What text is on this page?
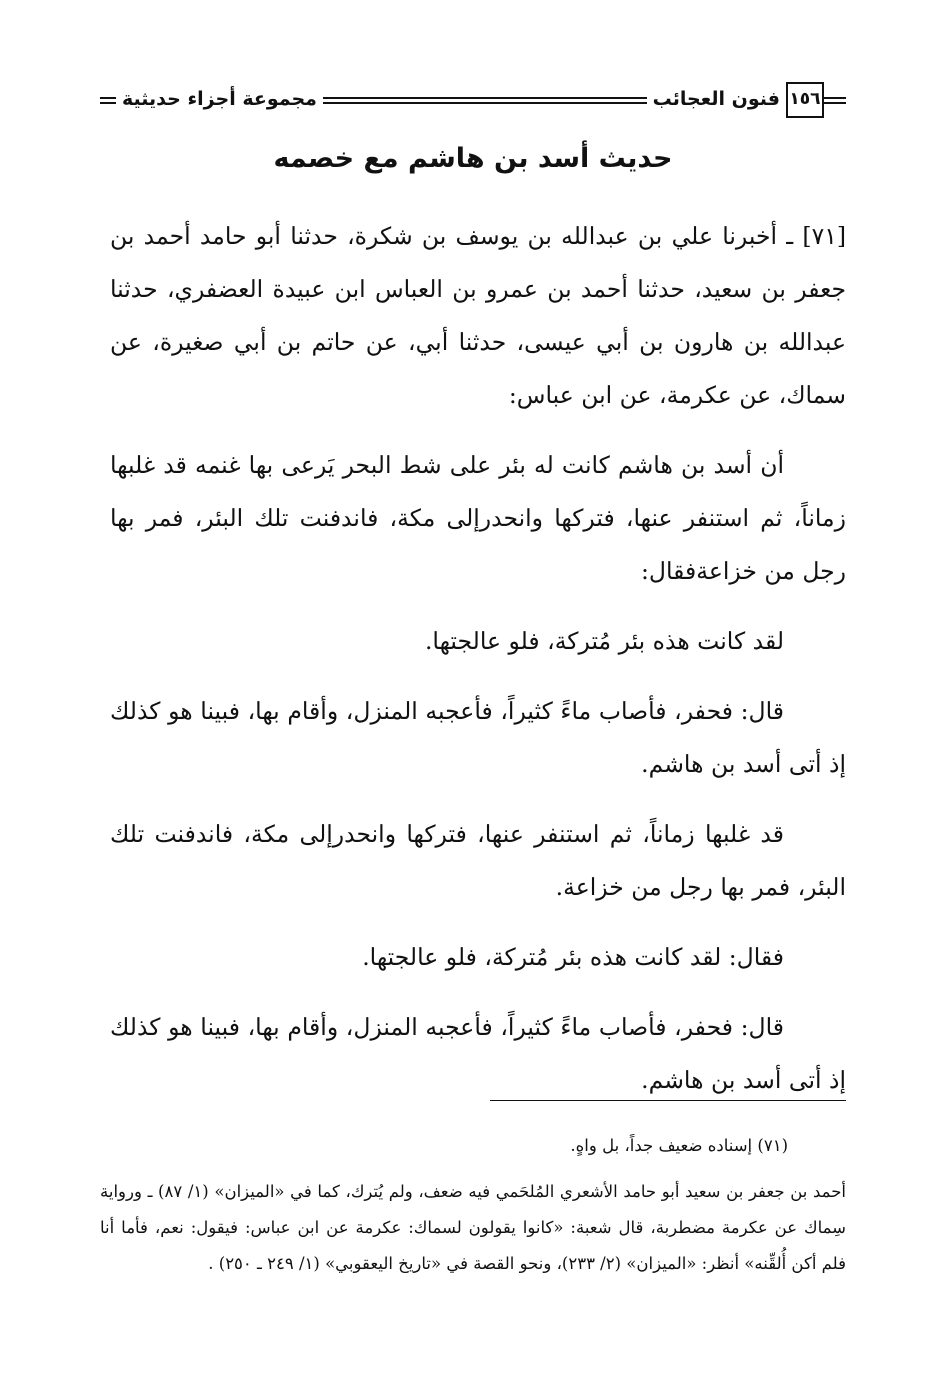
مجموعة أجزاء حديثية	فنون العجائب ١٥٦
حديث أسد بن هاشم مع خصمه

[٧١] ـ أخبرنا علي بن عبدالله بن يوسف بن شكرة، حدثنا أبو حامد أحمد بن جعفر بن سعيد، حدثنا أحمد بن عمرو بن العباس ابن عبيدة العضفري، حدثنا عبدالله بن هارون بن أبي عيسى، حدثنا أبي، عن حاتم بن أبي صغيرة، عن سماك، عن عكرمة، عن ابن عباس:

أن أسد بن هاشم كانت له بئر على شط البحر يَرعى بها غنمه قد غلبها زماناً، ثم استنفر عنها، فتركها وانحدرإلى مكة، فاندفنت تلك البئر، فمر بها رجل من خزاعةفقال:

لقد كانت هذه بئر مُتركة، فلو عالجتها.

قال: فحفر، فأصاب ماءً كثيراً، فأعجبه المنزل، وأقام بها، فبينا هو كذلك إذ أتى أسد بن هاشم.

قد غلبها زماناً، ثم استنفر عنها، فتركها وانحدرإلى مكة، فاندفنت تلك البئر، فمر بها رجل من خزاعة.

فقال: لقد كانت هذه بئر مُتركة، فلو عالجتها.

قال: فحفر، فأصاب ماءً كثيراً، فأعجبه المنزل، وأقام بها، فبينا هو كذلك إذ أتى أسد بن هاشم.

(٧١) إسناده ضعيف جداً، بل واهٍ.

أحمد بن جعفر بن سعيد أبو حامد الأشعري المُلحَمي فيه ضعف، ولم يُترك، كما في «الميزان» (١/ ٨٧) ـ ورواية سِماك عن عكرمة مضطربة، قال شعبة: «كانوا يقولون لسماك: عكرمة عن ابن عباس: فيقول: نعم، فأما أنا فلم أكن أُلقِّنه» أنظر: «الميزان» (٢/ ٢٣٣)، ونحو القصة في «تاريخ اليعقوبي» (١/ ٢٤٩ ـ ٢٥٠) .
